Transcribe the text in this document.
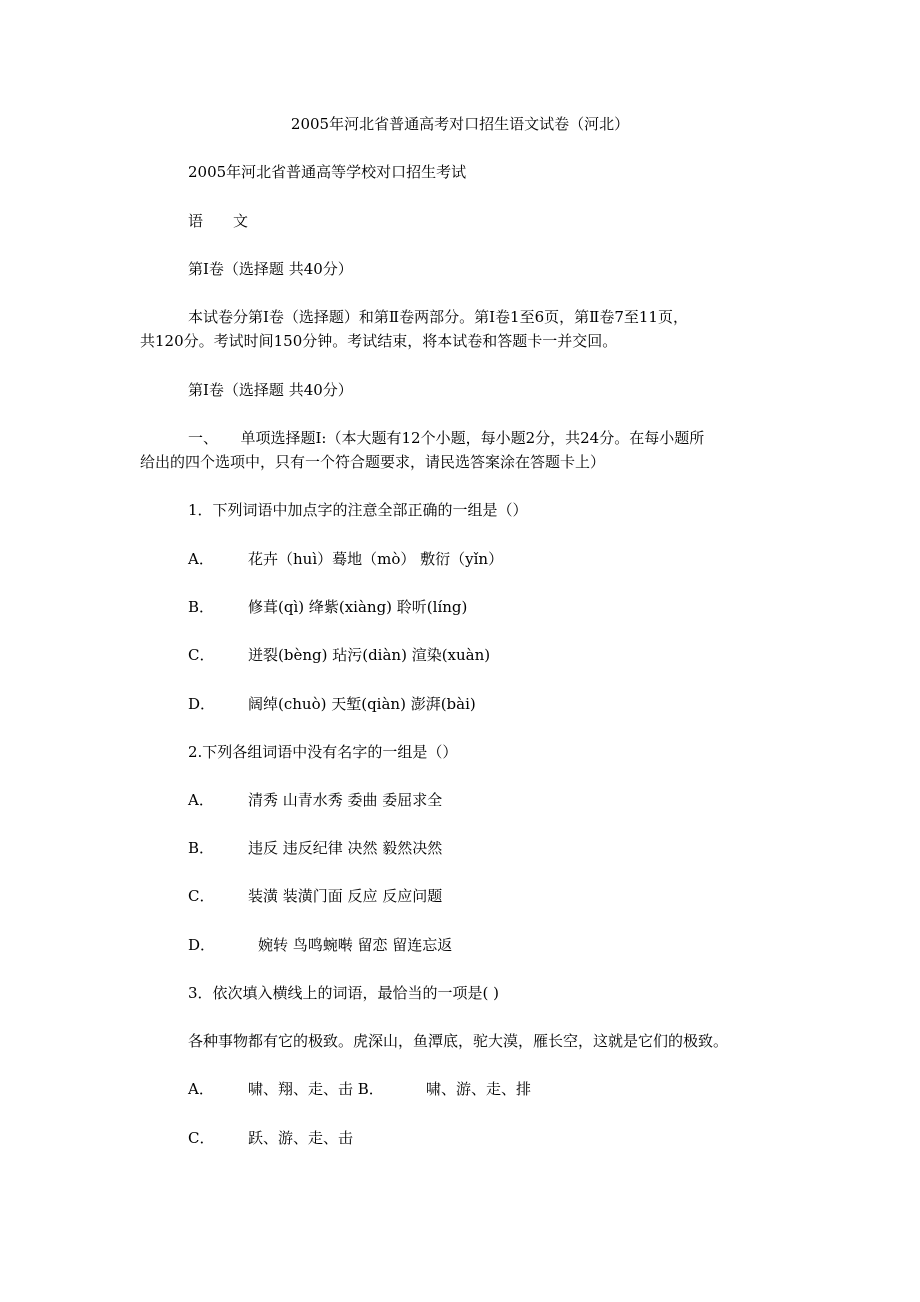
2005年河北省普通高考对口招生语文试卷（河北）
2005年河北省普通高等学校对口招生考试
语　　文
第I卷（选择题 共40分）
本试卷分第I卷（选择题）和第Ⅱ卷两部分。第I卷1至6页，第Ⅱ卷7至11页，
共120分。考试时间150分钟。考试结束，将本试卷和答题卡一并交回。
第I卷（选择题 共40分）
一、　　单项选择题I:（本大题有12个小题，每小题2分，共24分。在每小题所
给出的四个选项中，只有一个符合题要求，请民选答案涂在答题卡上）
1．下列词语中加点字的注意全部正确的一组是（）
A． 花卉（huì）蓦地（mò） 敷衍（yǐn）
B． 修葺(qì) 绛紫(xiàng) 聆听(líng)
C． 迸裂(bèng) 玷污(diàn) 渲染(xuàn)
D． 阔绰(chuò) 天堑(qiàn) 澎湃(bài)
2.下列各组词语中没有名字的一组是（）
A． 清秀 山青水秀 委曲 委屈求全
B． 违反 违反纪律 决然 毅然决然
C． 装潢 装潢门面 反应 反应问题
D．	婉转 鸟鸣蜿啭 留恋 留连忘返
3．依次填入横线上的词语，最恰当的一项是( )
各种事物都有它的极致。虎深山，鱼潭底，驼大漠，雁长空，这就是它们的极致。
A． 啸、翔、走、击 B．	啸、游、走、排
C． 跃、游、走、击
